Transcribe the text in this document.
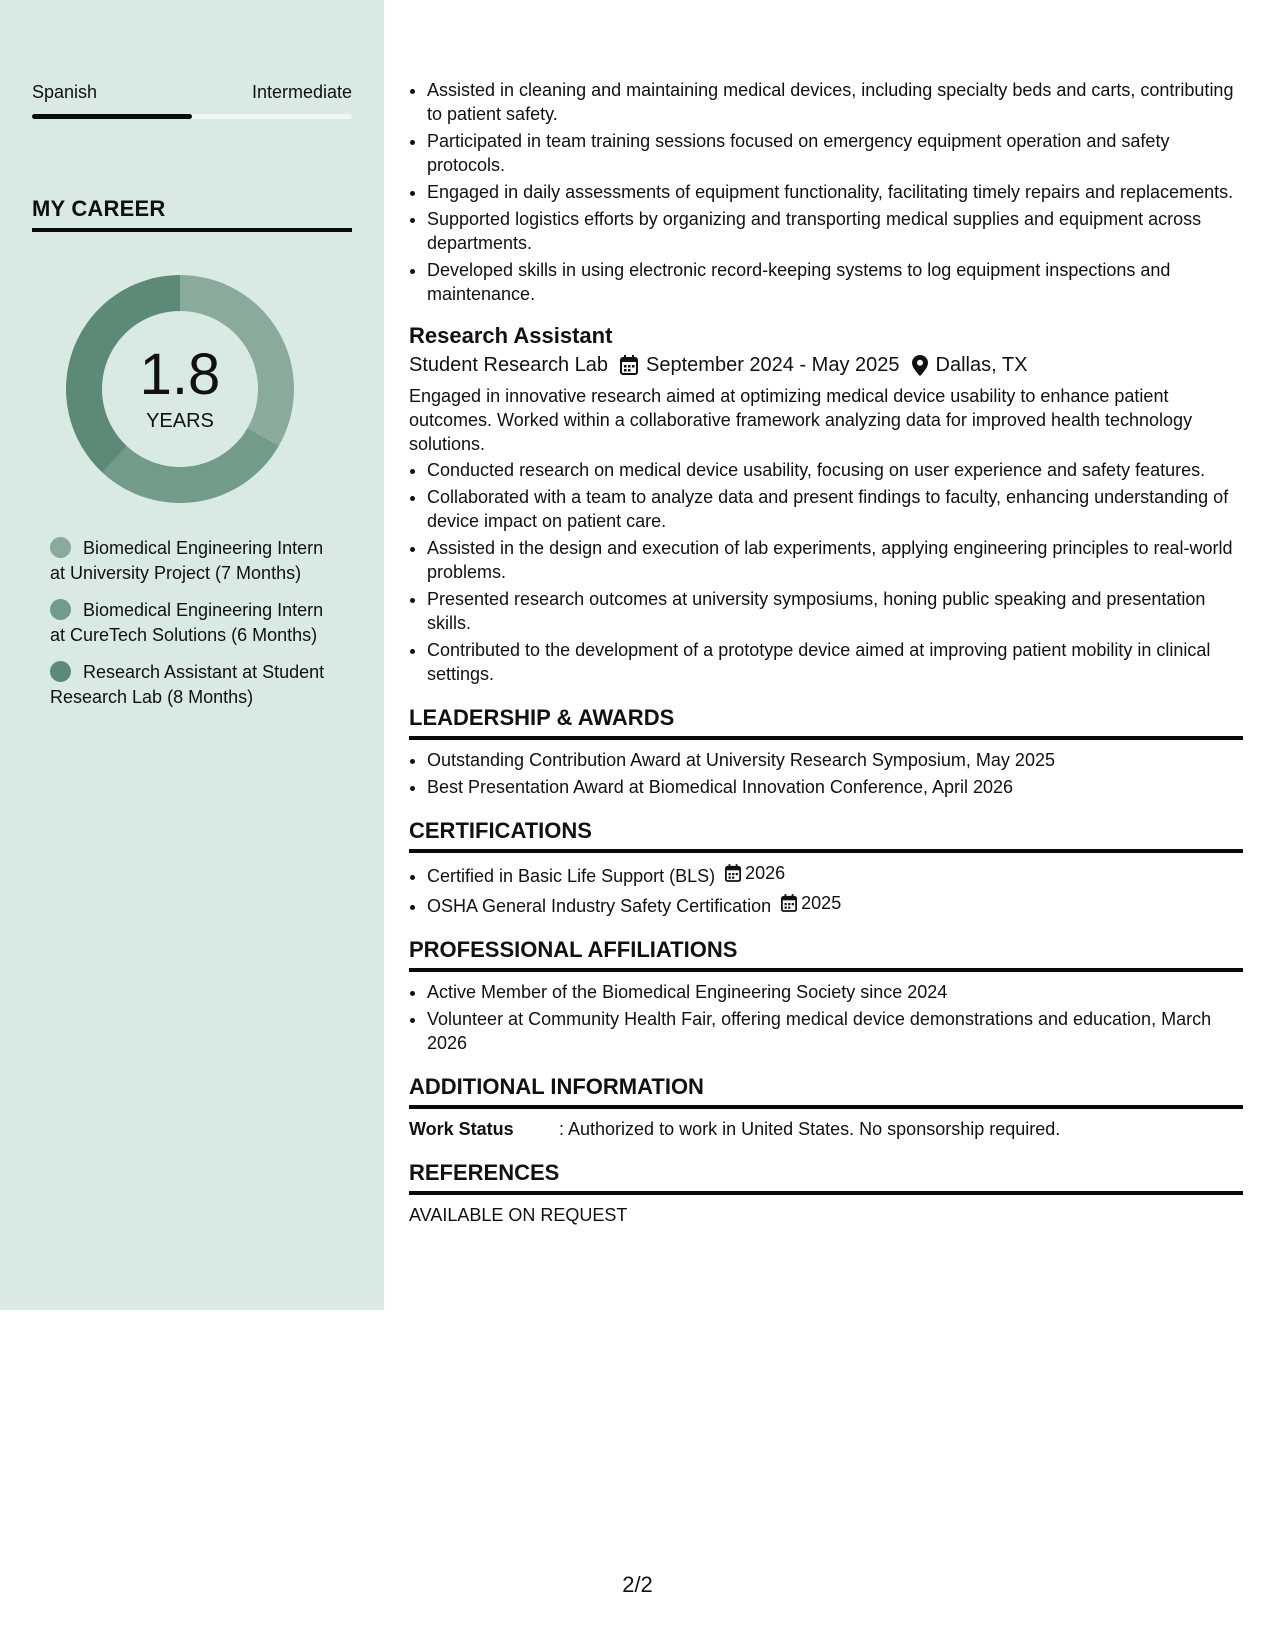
Spanish	Intermediate
MY CAREER
1.8
YEARS
Biomedical Engineering Intern at University Project (7 Months)
Biomedical Engineering Intern at CureTech Solutions (6 Months)
Research Assistant at Student Research Lab (8 Months)
• Assisted in cleaning and maintaining medical devices, including specialty beds and carts, contributing to patient safety.
• Participated in team training sessions focused on emergency equipment operation and safety protocols.
• Engaged in daily assessments of equipment functionality, facilitating timely repairs and replacements.
• Supported logistics efforts by organizing and transporting medical supplies and equipment across departments.
• Developed skills in using electronic record-keeping systems to log equipment inspections and maintenance.
Research Assistant
Student Research Lab September 2024 - May 2025 Dallas, TX
Engaged in innovative research aimed at optimizing medical device usability to enhance patient outcomes. Worked within a collaborative framework analyzing data for improved health technology solutions.
• Conducted research on medical device usability, focusing on user experience and safety features.
• Collaborated with a team to analyze data and present findings to faculty, enhancing understanding of device impact on patient care.
• Assisted in the design and execution of lab experiments, applying engineering principles to real-world problems.
• Presented research outcomes at university symposiums, honing public speaking and presentation skills.
• Contributed to the development of a prototype device aimed at improving patient mobility in clinical settings.
LEADERSHIP & AWARDS
• Outstanding Contribution Award at University Research Symposium, May 2025
• Best Presentation Award at Biomedical Innovation Conference, April 2026
CERTIFICATIONS
• Certified in Basic Life Support (BLS) 2026
• OSHA General Industry Safety Certification 2025
PROFESSIONAL AFFILIATIONS
• Active Member of the Biomedical Engineering Society since 2024
• Volunteer at Community Health Fair, offering medical device demonstrations and education, March 2026
ADDITIONAL INFORMATION
Work Status	: Authorized to work in United States. No sponsorship required.
REFERENCES
AVAILABLE ON REQUEST
2/2
